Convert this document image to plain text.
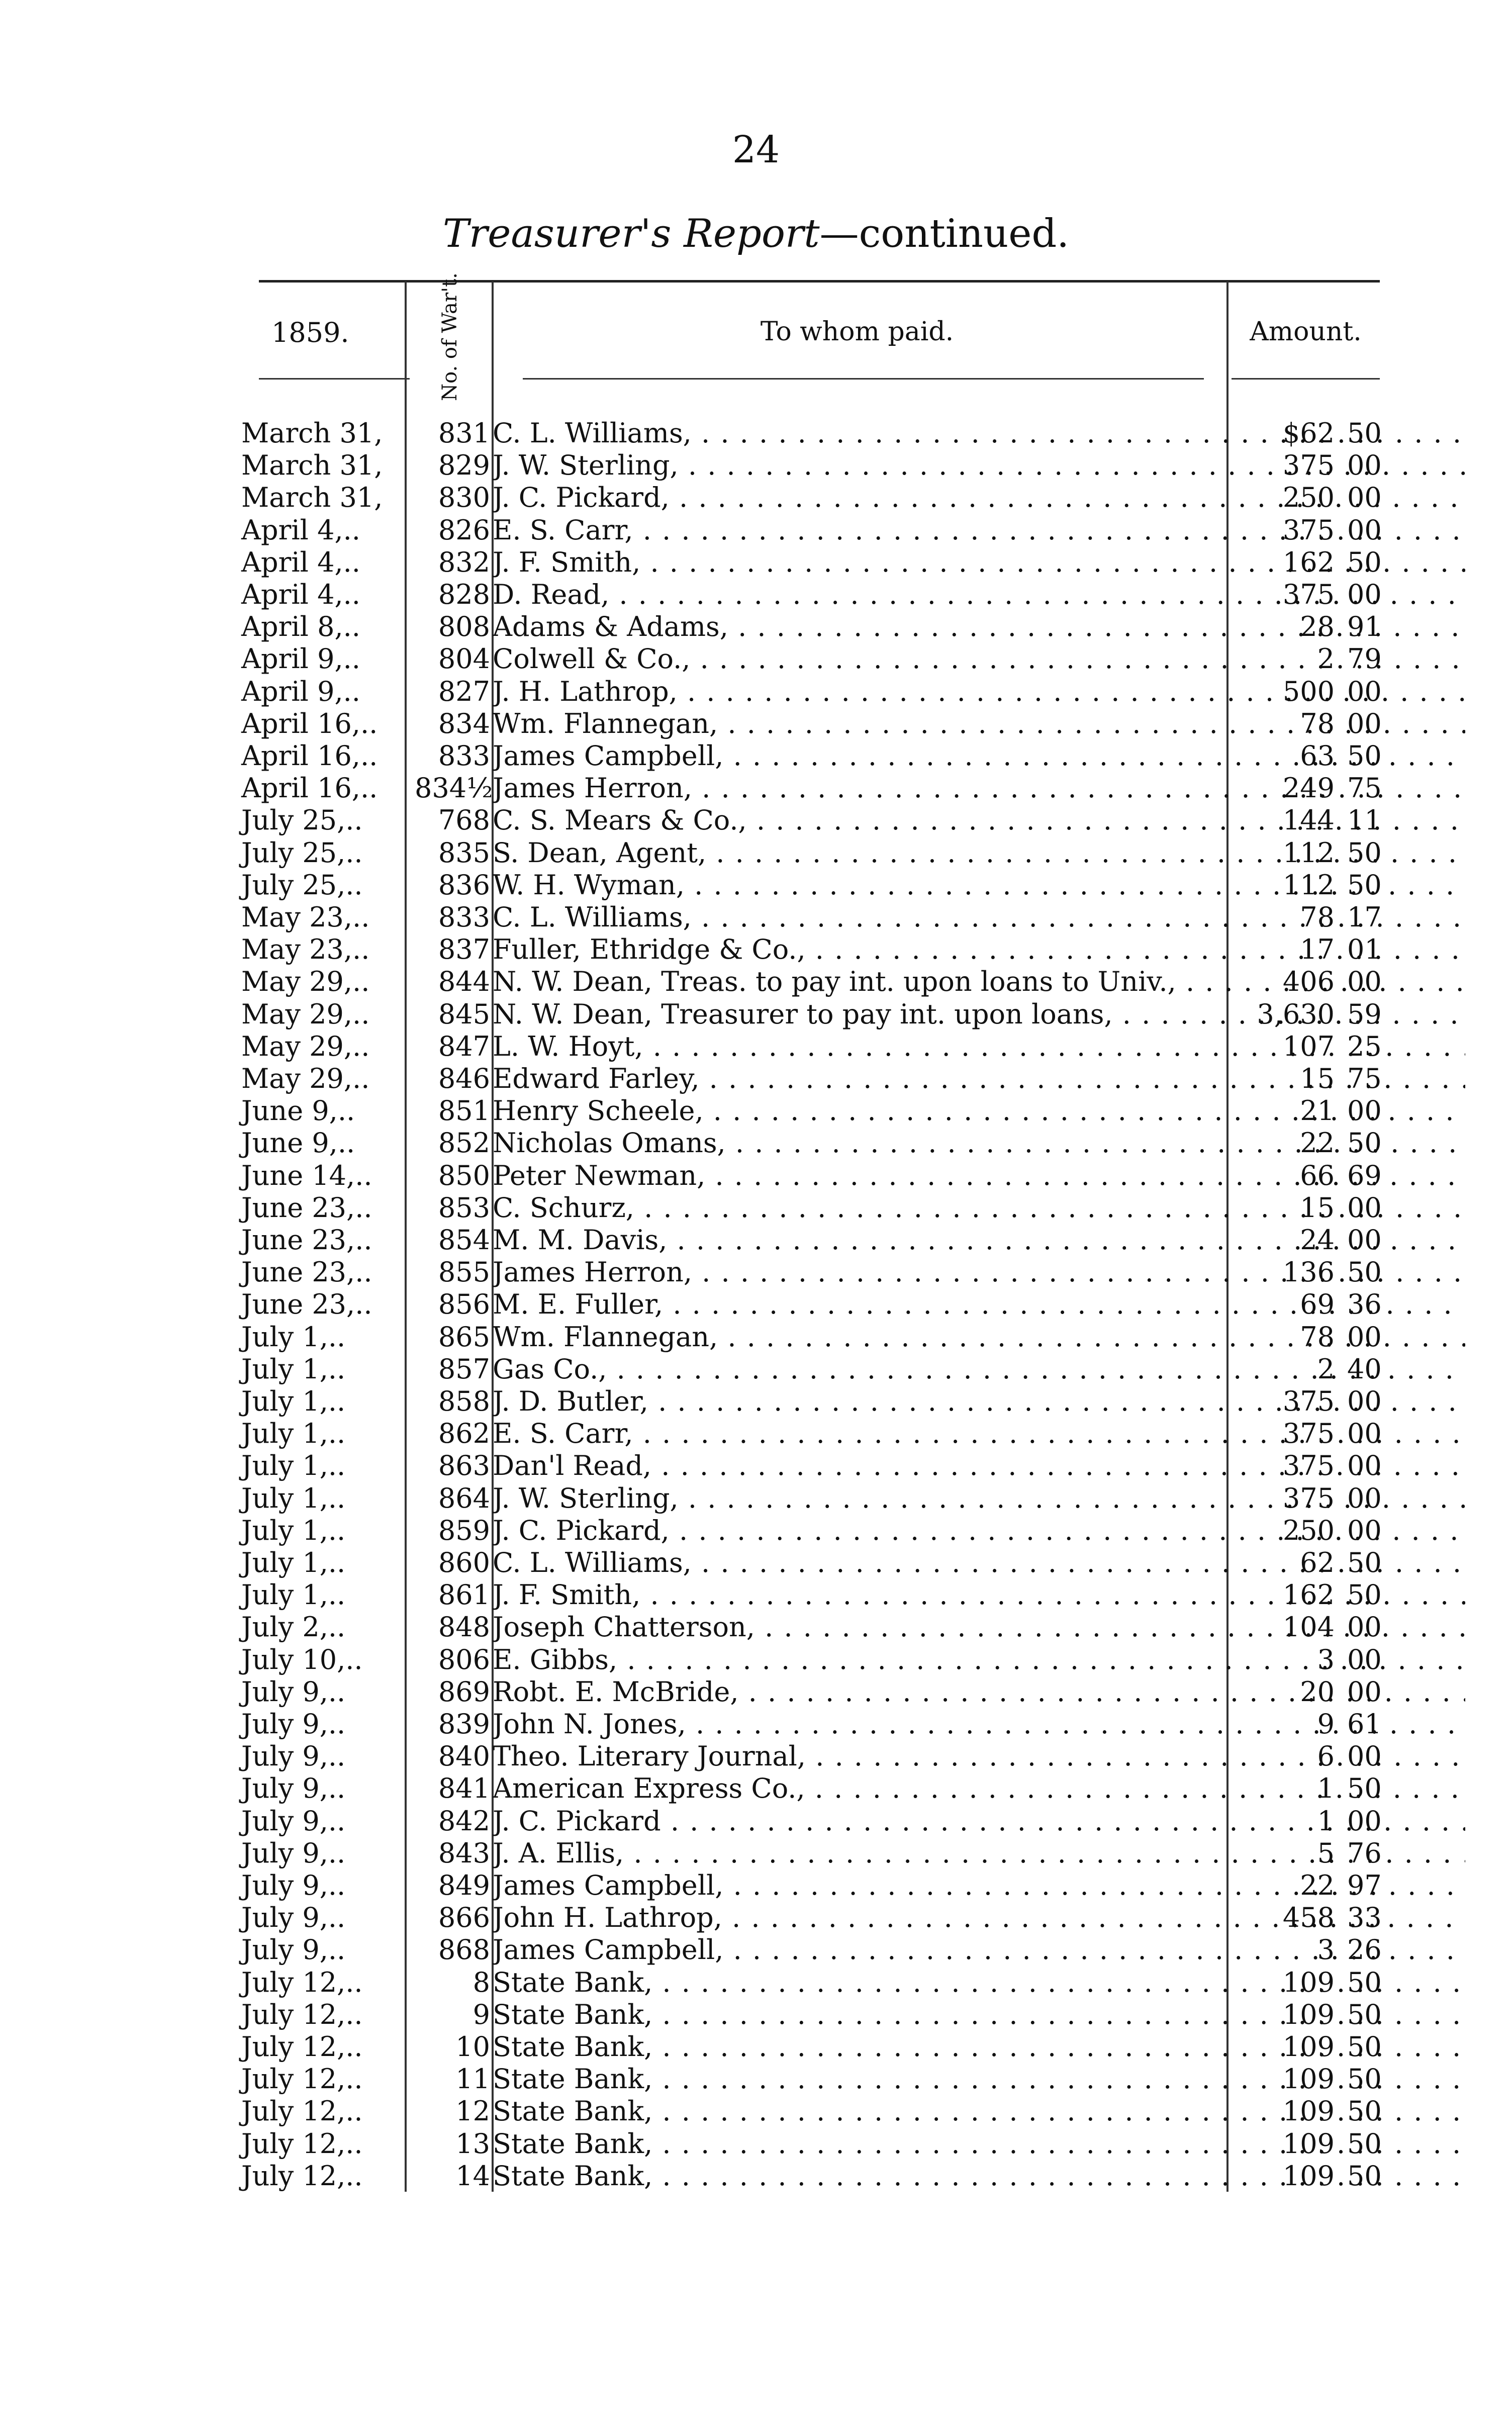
24
Treasurer's Report—continued.
1859.	No. of War't.	To whom paid.	Amount.
March 31,	831 C. L. Williams, . . .	$62 50
March 31,	829 J. W. Sterling, . . .	375 00
March 31,	830 J. C. Pickard, . . .	250 00
April 4,..	826 E. S. Carr, . . .	375 00
April 4,..	832 J. F. Smith, . . .	162 50
April 4,..	828 D. Read, . . .	375 00
April 8,..	808 Adams & Adams, . . .	28 91
April 9,..	804 Colwell & Co., . . .	2 79
April 9,..	827 J. H. Lathrop, . . .	500 00
April 16,..	834 Wm. Flannegan, . . .	78 00
April 16,..	833 James Campbell, . . .	63 50
April 16,..	834½ James Herron, . . .	249 75
July 25,..	768 C. S. Mears & Co., . . .	144 11
July 25,..	835 S. Dean, Agent, . . .	112 50
July 25,..	836 W. H. Wyman, . . .	112 50
May 23,..	833 C. L. Williams, . . .	78 17
May 23,..	837 Fuller, Ethridge & Co., . . .	17 01
May 29,..	844 N. W. Dean, Treas. to pay int. upon loans to Univ., . . .	406 00
May 29,..	845 N. W. Dean, Treasurer to pay int. upon loans, . . .	3,630 59
May 29,..	847 L. W. Hoyt, . . .	107 25
May 29,..	846 Edward Farley, . . .	15 75
June 9,..	851 Henry Scheele, . . .	21 00
June 9,..	852 Nicholas Omans, . . .	22 50
June 14,..	850 Peter Newman, . . .	66 69
June 23,..	853 C. Schurz, . . .	15 00
June 23,..	854 M. M. Davis, . . .	24 00
June 23,..	855 James Herron, . . .	136 50
June 23,..	856 M. E. Fuller, . . .	69 36
July 1,..	865 Wm. Flannegan, . . .	78 00
July 1,..	857 Gas Co., . . .	2 40
July 1,..	858 J. D. Butler, . . .	375 00
July 1,..	862 E. S. Carr, . . .	375 00
July 1,..	863 Dan'l Read, . . .	375 00
July 1,..	864 J. W. Sterling, . . .	375 00
July 1,..	859 J. C. Pickard, . . .	250 00
July 1,..	860 C. L. Williams, . . .	62 50
July 1,..	861 J. F. Smith, . . .	162 50
July 2,..	848 Joseph Chatterson, . . .	104 00
July 10,..	806 E. Gibbs, . . .	3 00
July 9,..	869 Robt. E. McBride, . . .	20 00
July 9,..	839 John N. Jones, . . .	9 61
July 9,..	840 Theo. Literary Journal, . . .	6 00
July 9,..	841 American Express Co., . . .	1 50
July 9,..	842 J. C. Pickard . . .	1 00
July 9,..	843 J. A. Ellis, . . .	5 76
July 9,..	849 James Campbell, . . .	22 97
July 9,..	866 John H. Lathrop, . . .	458 33
July 9,..	868 James Campbell, . . .	3 26
July 12,..	8 State Bank, . . .	109 50
July 12,..	9 State Bank, . . .	109 50
July 12,..	10 State Bank, . . .	109 50
July 12,..	11 State Bank, . . .	109 50
July 12,..	12 State Bank, . . .	109 50
July 12,..	13 State Bank, . . .	109 50
July 12,..	14 State Bank, . . .	109 50
